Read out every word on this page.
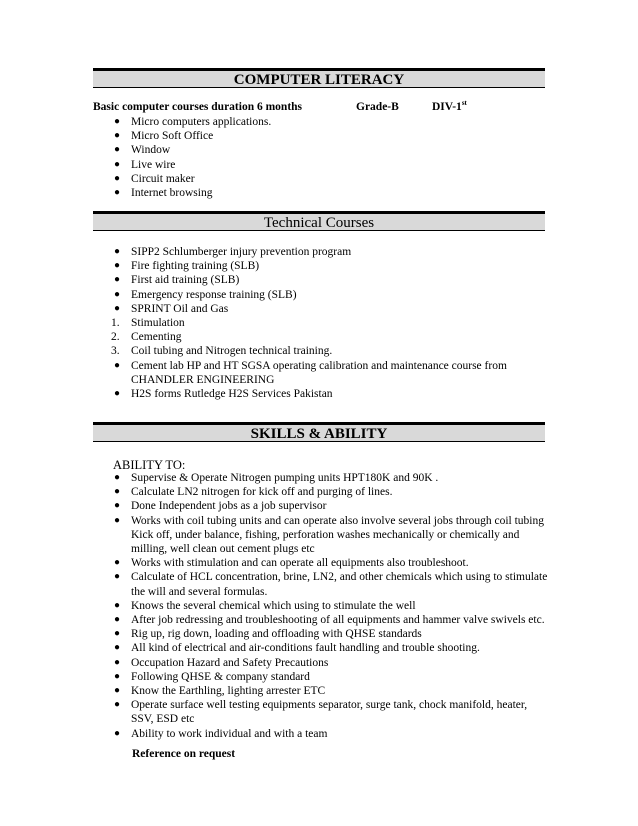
COMPUTER LITERACY
Basic computer courses duration 6 months	Grade-B	DIV-1st
● Micro computers applications.
● Micro Soft Office
● Window
● Live wire
● Circuit maker
● Internet browsing
Technical Courses
● SIPP2 Schlumberger injury prevention program
● Fire fighting training (SLB)
● First aid training (SLB)
● Emergency response training (SLB)
● SPRINT Oil and Gas
1. Stimulation
2. Cementing
3. Coil tubing and Nitrogen technical training.
● Cement lab HP and HT SGSA operating calibration and maintenance course from CHANDLER ENGINEERING
● H2S forms Rutledge H2S Services Pakistan
SKILLS & ABILITY
ABILITY TO:
● Supervise & Operate Nitrogen pumping units HPT180K and 90K .
● Calculate LN2 nitrogen for kick off and purging of lines.
● Done Independent jobs as a job supervisor
● Works with coil tubing units and can operate also involve several jobs through coil tubing Kick off, under balance, fishing, perforation washes mechanically or chemically and milling, well clean out cement plugs etc
● Works with stimulation and can operate all equipments also troubleshoot.
● Calculate of HCL concentration, brine, LN2, and other chemicals which using to stimulate the will and several formulas.
● Knows the several chemical which using to stimulate the well
● After job redressing and troubleshooting of all equipments and hammer valve swivels etc.
● Rig up, rig down, loading and offloading with QHSE standards
● All kind of electrical and air-conditions fault handling and trouble shooting.
● Occupation Hazard and Safety Precautions
● Following QHSE & company standard
● Know the Earthling, lighting arrester ETC
● Operate surface well testing equipments separator, surge tank, chock manifold, heater, SSV, ESD etc
● Ability to work individual and with a team
Reference on request
